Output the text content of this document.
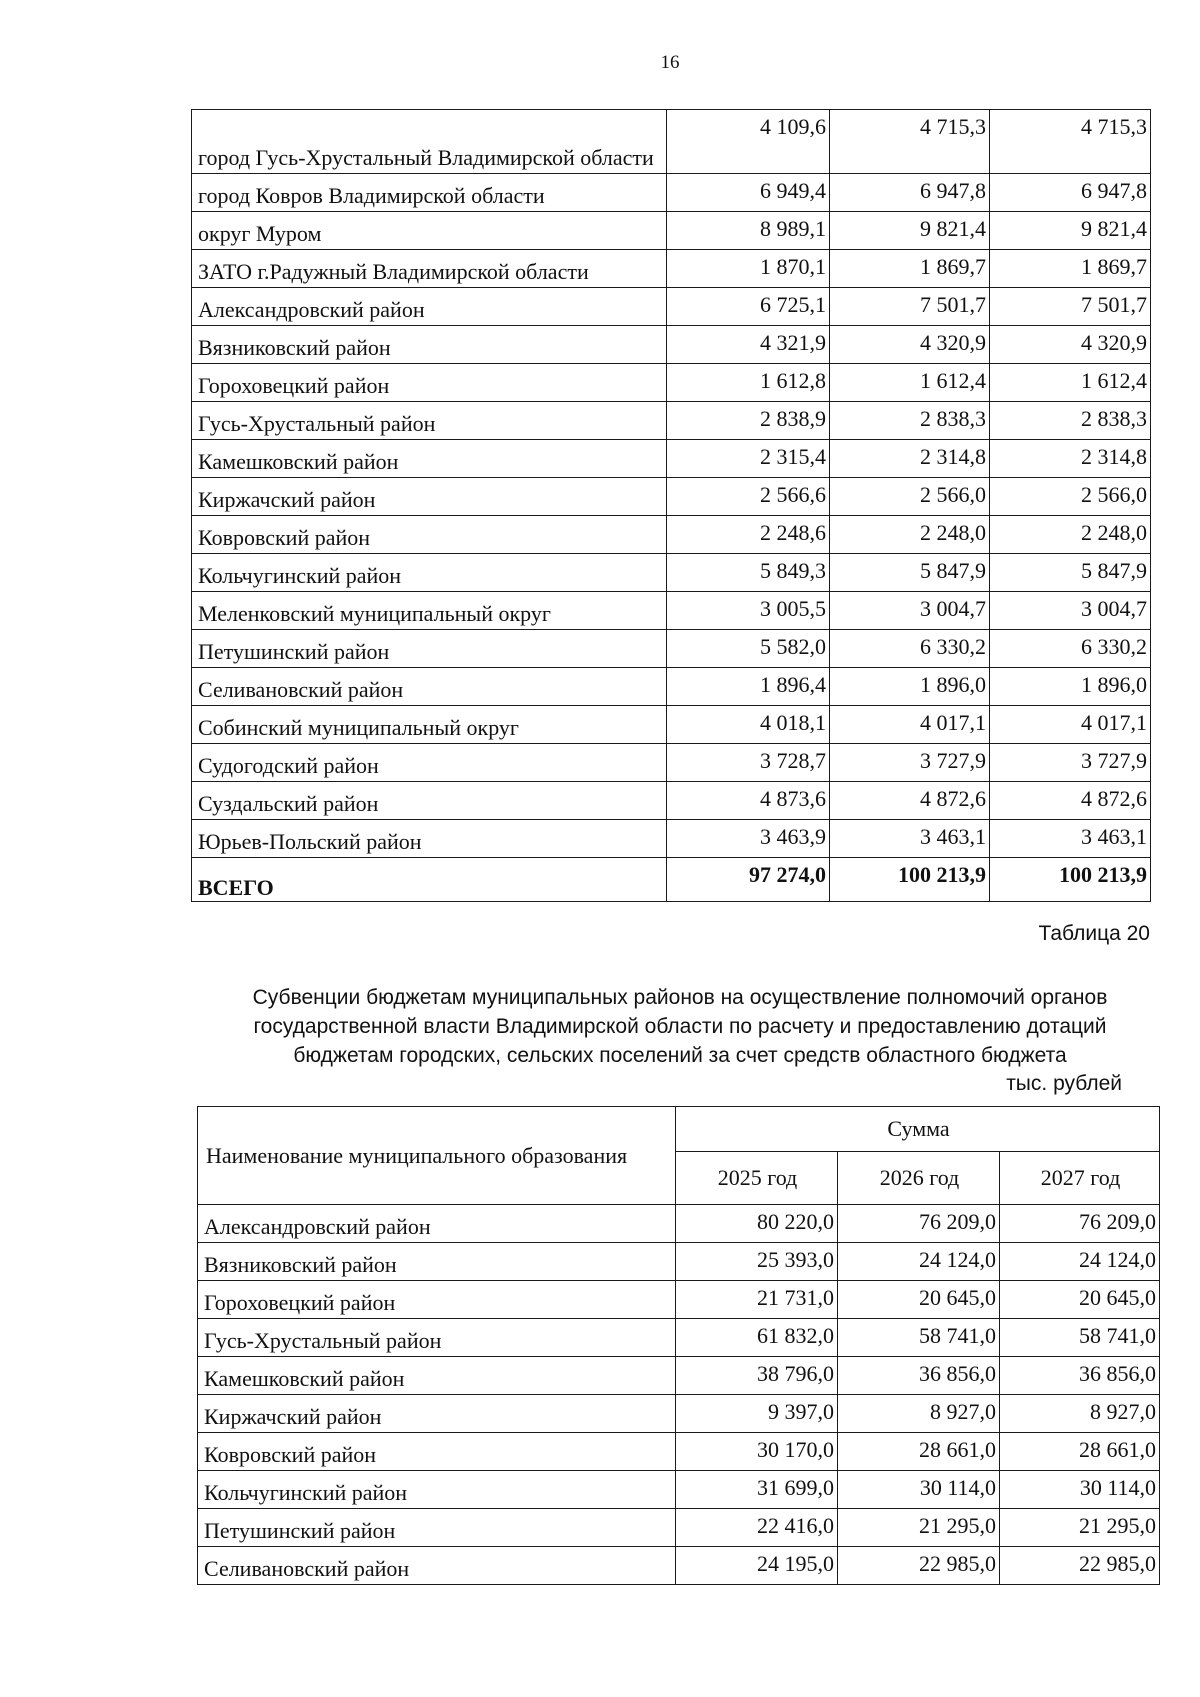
16
город Гусь-Хрустальный Владимирской области	4 109,6	4 715,3	4 715,3
город Ковров Владимирской области	6 949,4	6 947,8	6 947,8
округ Муром	8 989,1	9 821,4	9 821,4
ЗАТО г.Радужный Владимирской области	1 870,1	1 869,7	1 869,7
Александровский район	6 725,1	7 501,7	7 501,7
Вязниковский район	4 321,9	4 320,9	4 320,9
Гороховецкий район	1 612,8	1 612,4	1 612,4
Гусь-Хрустальный район	2 838,9	2 838,3	2 838,3
Камешковский район	2 315,4	2 314,8	2 314,8
Киржачский район	2 566,6	2 566,0	2 566,0
Ковровский район	2 248,6	2 248,0	2 248,0
Кольчугинский район	5 849,3	5 847,9	5 847,9
Меленковский муниципальный округ	3 005,5	3 004,7	3 004,7
Петушинский район	5 582,0	6 330,2	6 330,2
Селивановский район	1 896,4	1 896,0	1 896,0
Собинский муниципальный округ	4 018,1	4 017,1	4 017,1
Судогодский район	3 728,7	3 727,9	3 727,9
Суздальский район	4 873,6	4 872,6	4 872,6
Юрьев-Польский район	3 463,9	3 463,1	3 463,1
ВСЕГО	97 274,0	100 213,9	100 213,9
Таблица 20
Субвенции бюджетам муниципальных районов на осуществление полномочий органов государственной власти Владимирской области по расчету и предоставлению дотаций бюджетам городских, сельских поселений за счет средств областного бюджета
тыс. рублей
Наименование муниципального образования	Сумма		
	2025 год	2026 год	2027 год
Александровский район	80 220,0	76 209,0	76 209,0
Вязниковский район	25 393,0	24 124,0	24 124,0
Гороховецкий район	21 731,0	20 645,0	20 645,0
Гусь-Хрустальный район	61 832,0	58 741,0	58 741,0
Камешковский район	38 796,0	36 856,0	36 856,0
Киржачский район	9 397,0	8 927,0	8 927,0
Ковровский район	30 170,0	28 661,0	28 661,0
Кольчугинский район	31 699,0	30 114,0	30 114,0
Петушинский район	22 416,0	21 295,0	21 295,0
Селивановский район	24 195,0	22 985,0	22 985,0
